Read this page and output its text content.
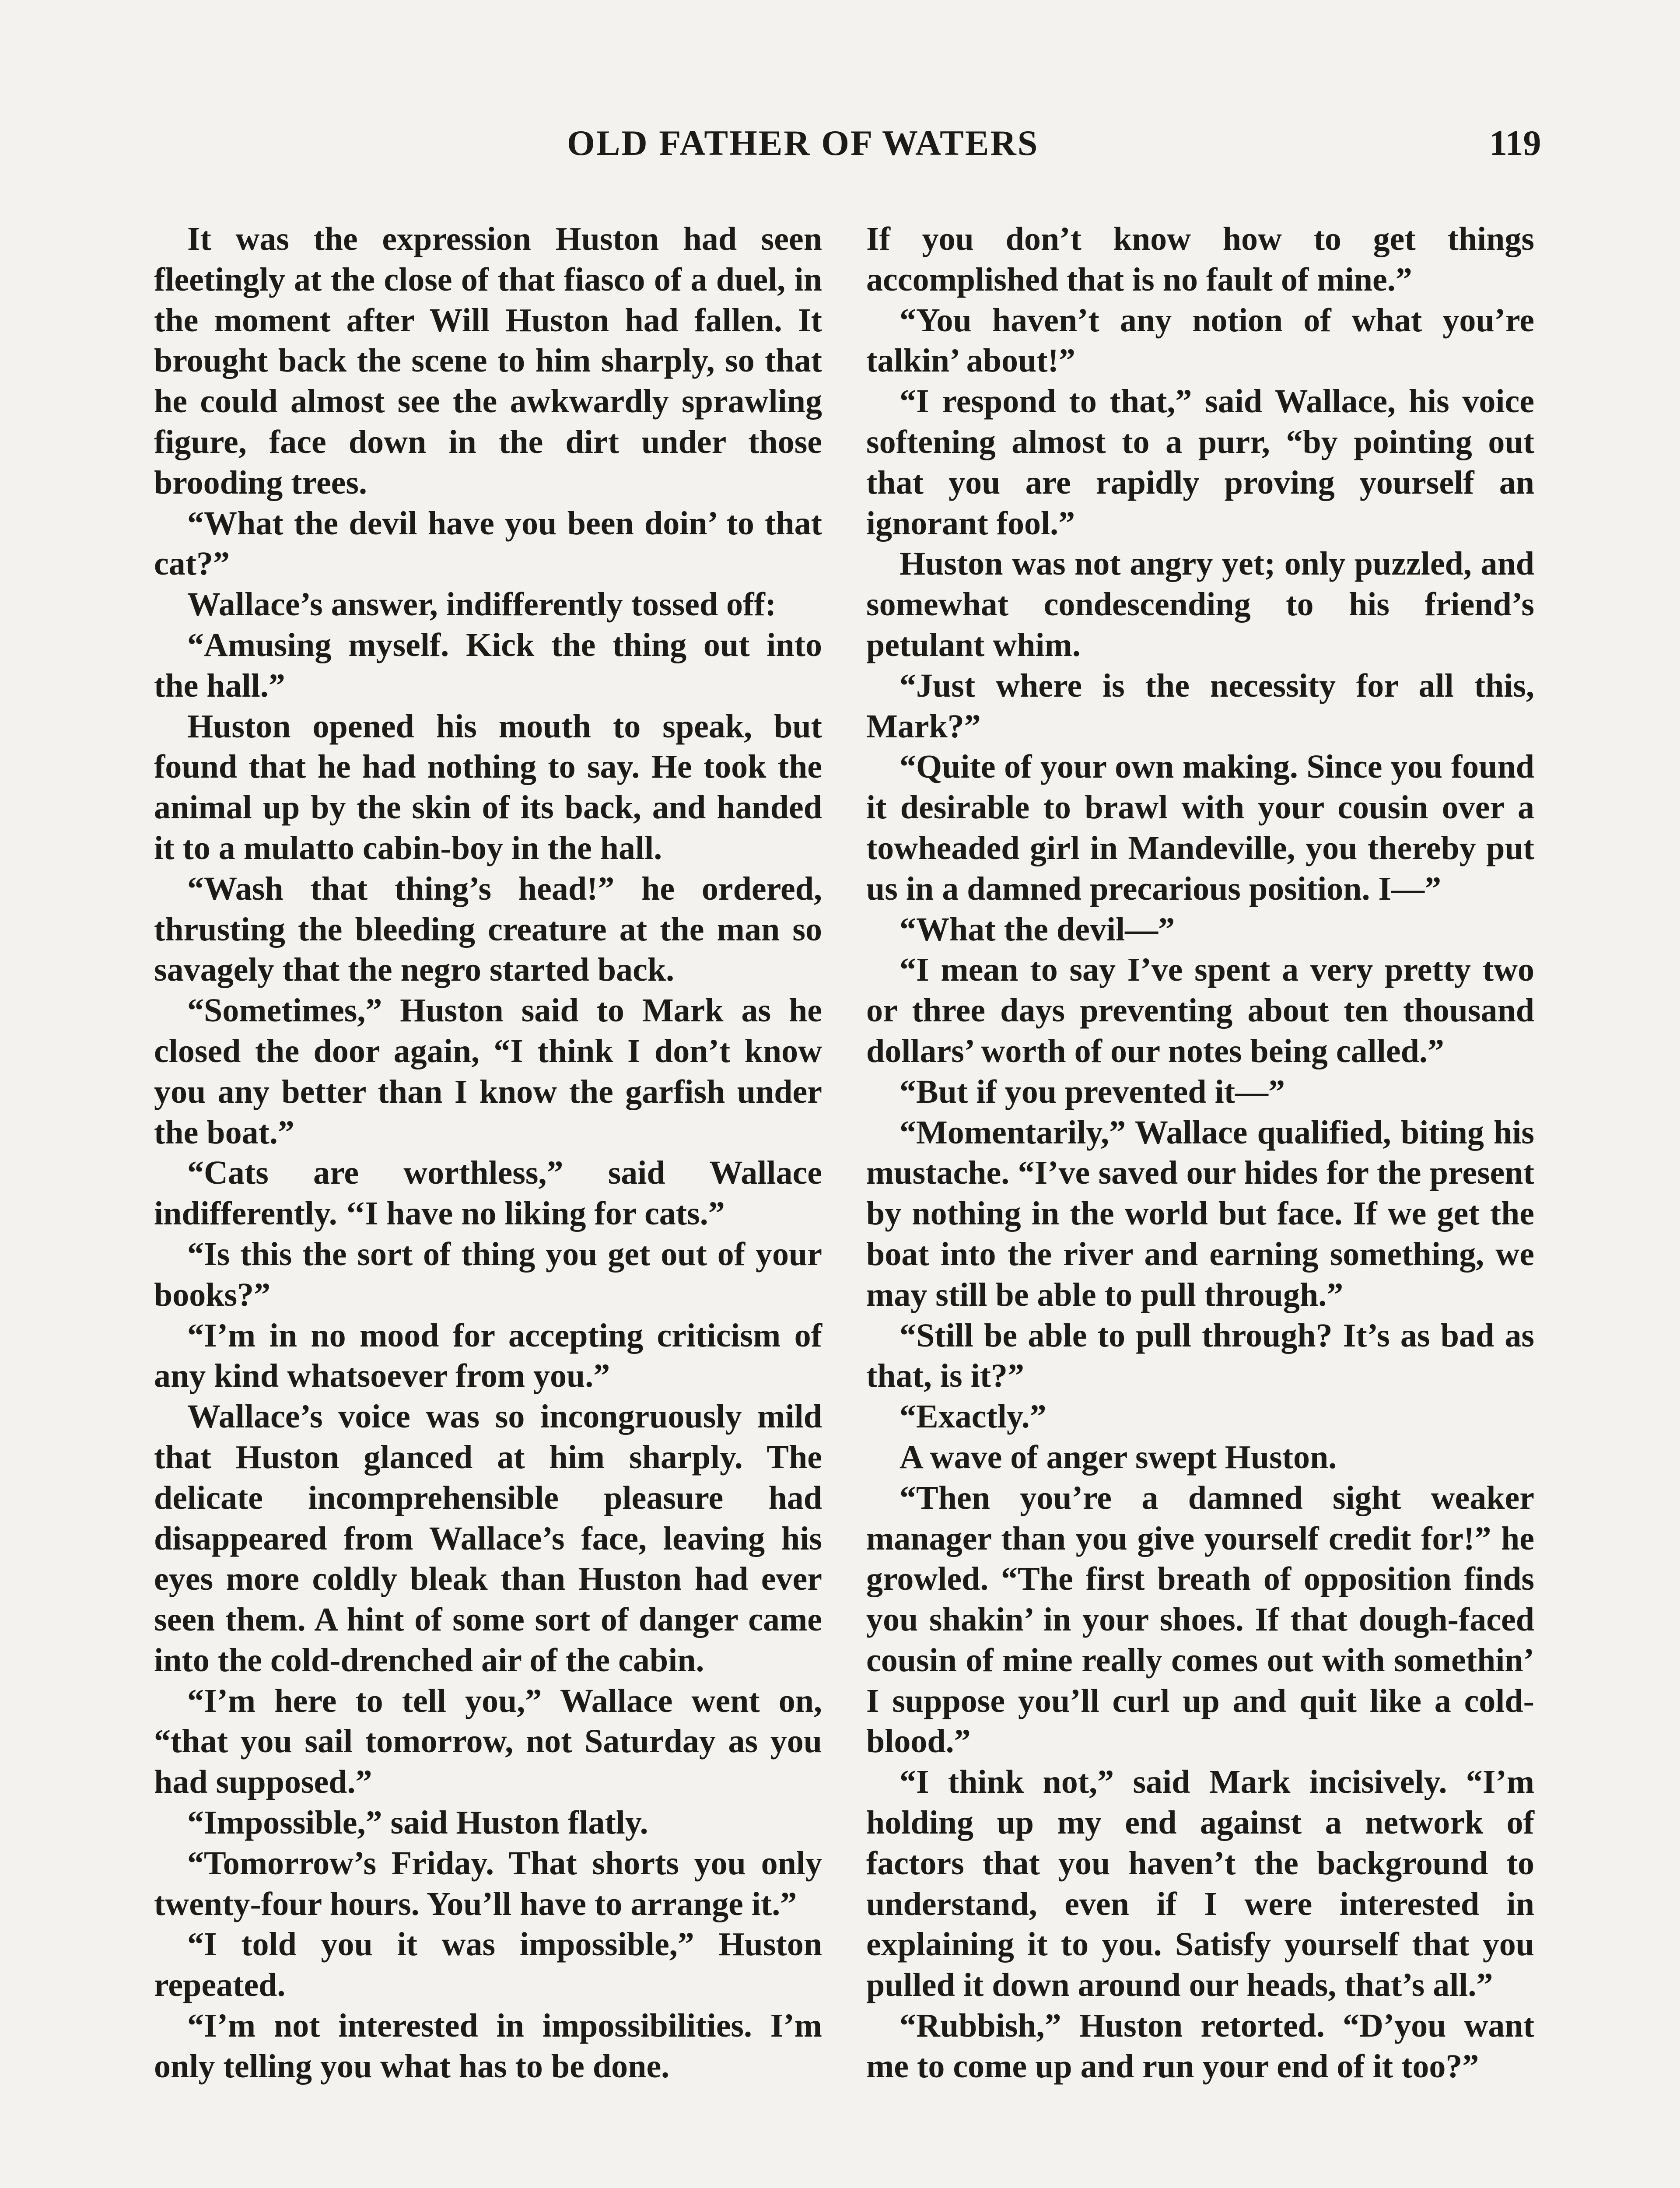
OLD FATHER OF WATERS	119

It was the expression Huston had seen fleetingly at the close of that fiasco of a duel, in the moment after Will Huston had fallen. It brought back the scene to him sharply, so that he could almost see the awkwardly sprawling figure, face down in the dirt under those brooding trees.

“What the devil have you been doin’ to that cat?”

Wallace’s answer, indifferently tossed off:

“Amusing myself. Kick the thing out into the hall.”

Huston opened his mouth to speak, but found that he had nothing to say. He took the animal up by the skin of its back, and handed it to a mulatto cabin-boy in the hall.

“Wash that thing’s head!” he ordered, thrusting the bleeding creature at the man so savagely that the negro started back.

“Sometimes,” Huston said to Mark as he closed the door again, “I think I don’t know you any better than I know the garfish under the boat.”

“Cats are worthless,” said Wallace indifferently. ‘‘I have no liking for cats.”

“Is this the sort of thing you get out of your books?”

“I’m in no mood for accepting criticism of any kind whatsoever from you.”

Wallace’s voice was so incongruously mild that Huston glanced at him sharply. The delicate incomprehensible pleasure had disappeared from Wallace’s face, leaving his eyes more coldly bleak than Huston had ever seen them. A hint of some sort of danger came into the cold-drenched air of the cabin.

“I’m here to tell you,” Wallace went on, “that you sail tomorrow, not Saturday as you had supposed.”

“Impossible,” said Huston flatly.

“Tomorrow’s Friday. That shorts you only twenty-four hours. You’ll have to arrange it.”

“I told you it was impossible,” Huston repeated.

“I’m not interested in impossibilities. I’m only telling you what has to be done.

If you don’t know how to get things accomplished that is no fault of mine.”

“You haven’t any notion of what you’re talkin’ about!”

“I respond to that,” said Wallace, his voice softening almost to a purr, “by pointing out that you are rapidly proving yourself an ignorant fool.”

Huston was not angry yet; only puzzled, and somewhat condescending to his friend’s petulant whim.

“Just where is the necessity for all this, Mark?”

“Quite of your own making. Since you found it desirable to brawl with your cousin over a towheaded girl in Mandeville, you thereby put us in a damned precarious position. I—”

“What the devil—”

“I mean to say I’ve spent a very pretty two or three days preventing about ten thousand dollars’ worth of our notes being called.”

“But if you prevented it—”

“Momentarily,” Wallace qualified, biting his mustache. “I’ve saved our hides for the present by nothing in the world but face. If we get the boat into the river and earning something, we may still be able to pull through.”

“Still be able to pull through? It’s as bad as that, is it?”

“Exactly.”

A wave of anger swept Huston.

“Then you’re a damned sight weaker manager than you give yourself credit for!” he growled. “The first breath of opposition finds you shakin’ in your shoes. If that dough-faced cousin of mine really comes out with somethin’ I suppose you’ll curl up and quit like a cold-blood.”

“I think not,” said Mark incisively. “I’m holding up my end against a network of factors that you haven’t the background to understand, even if I were interested in explaining it to you. Satisfy yourself that you pulled it down around our heads, that’s all.”

“Rubbish,” Huston retorted. “D’you want me to come up and run your end of it too?”
